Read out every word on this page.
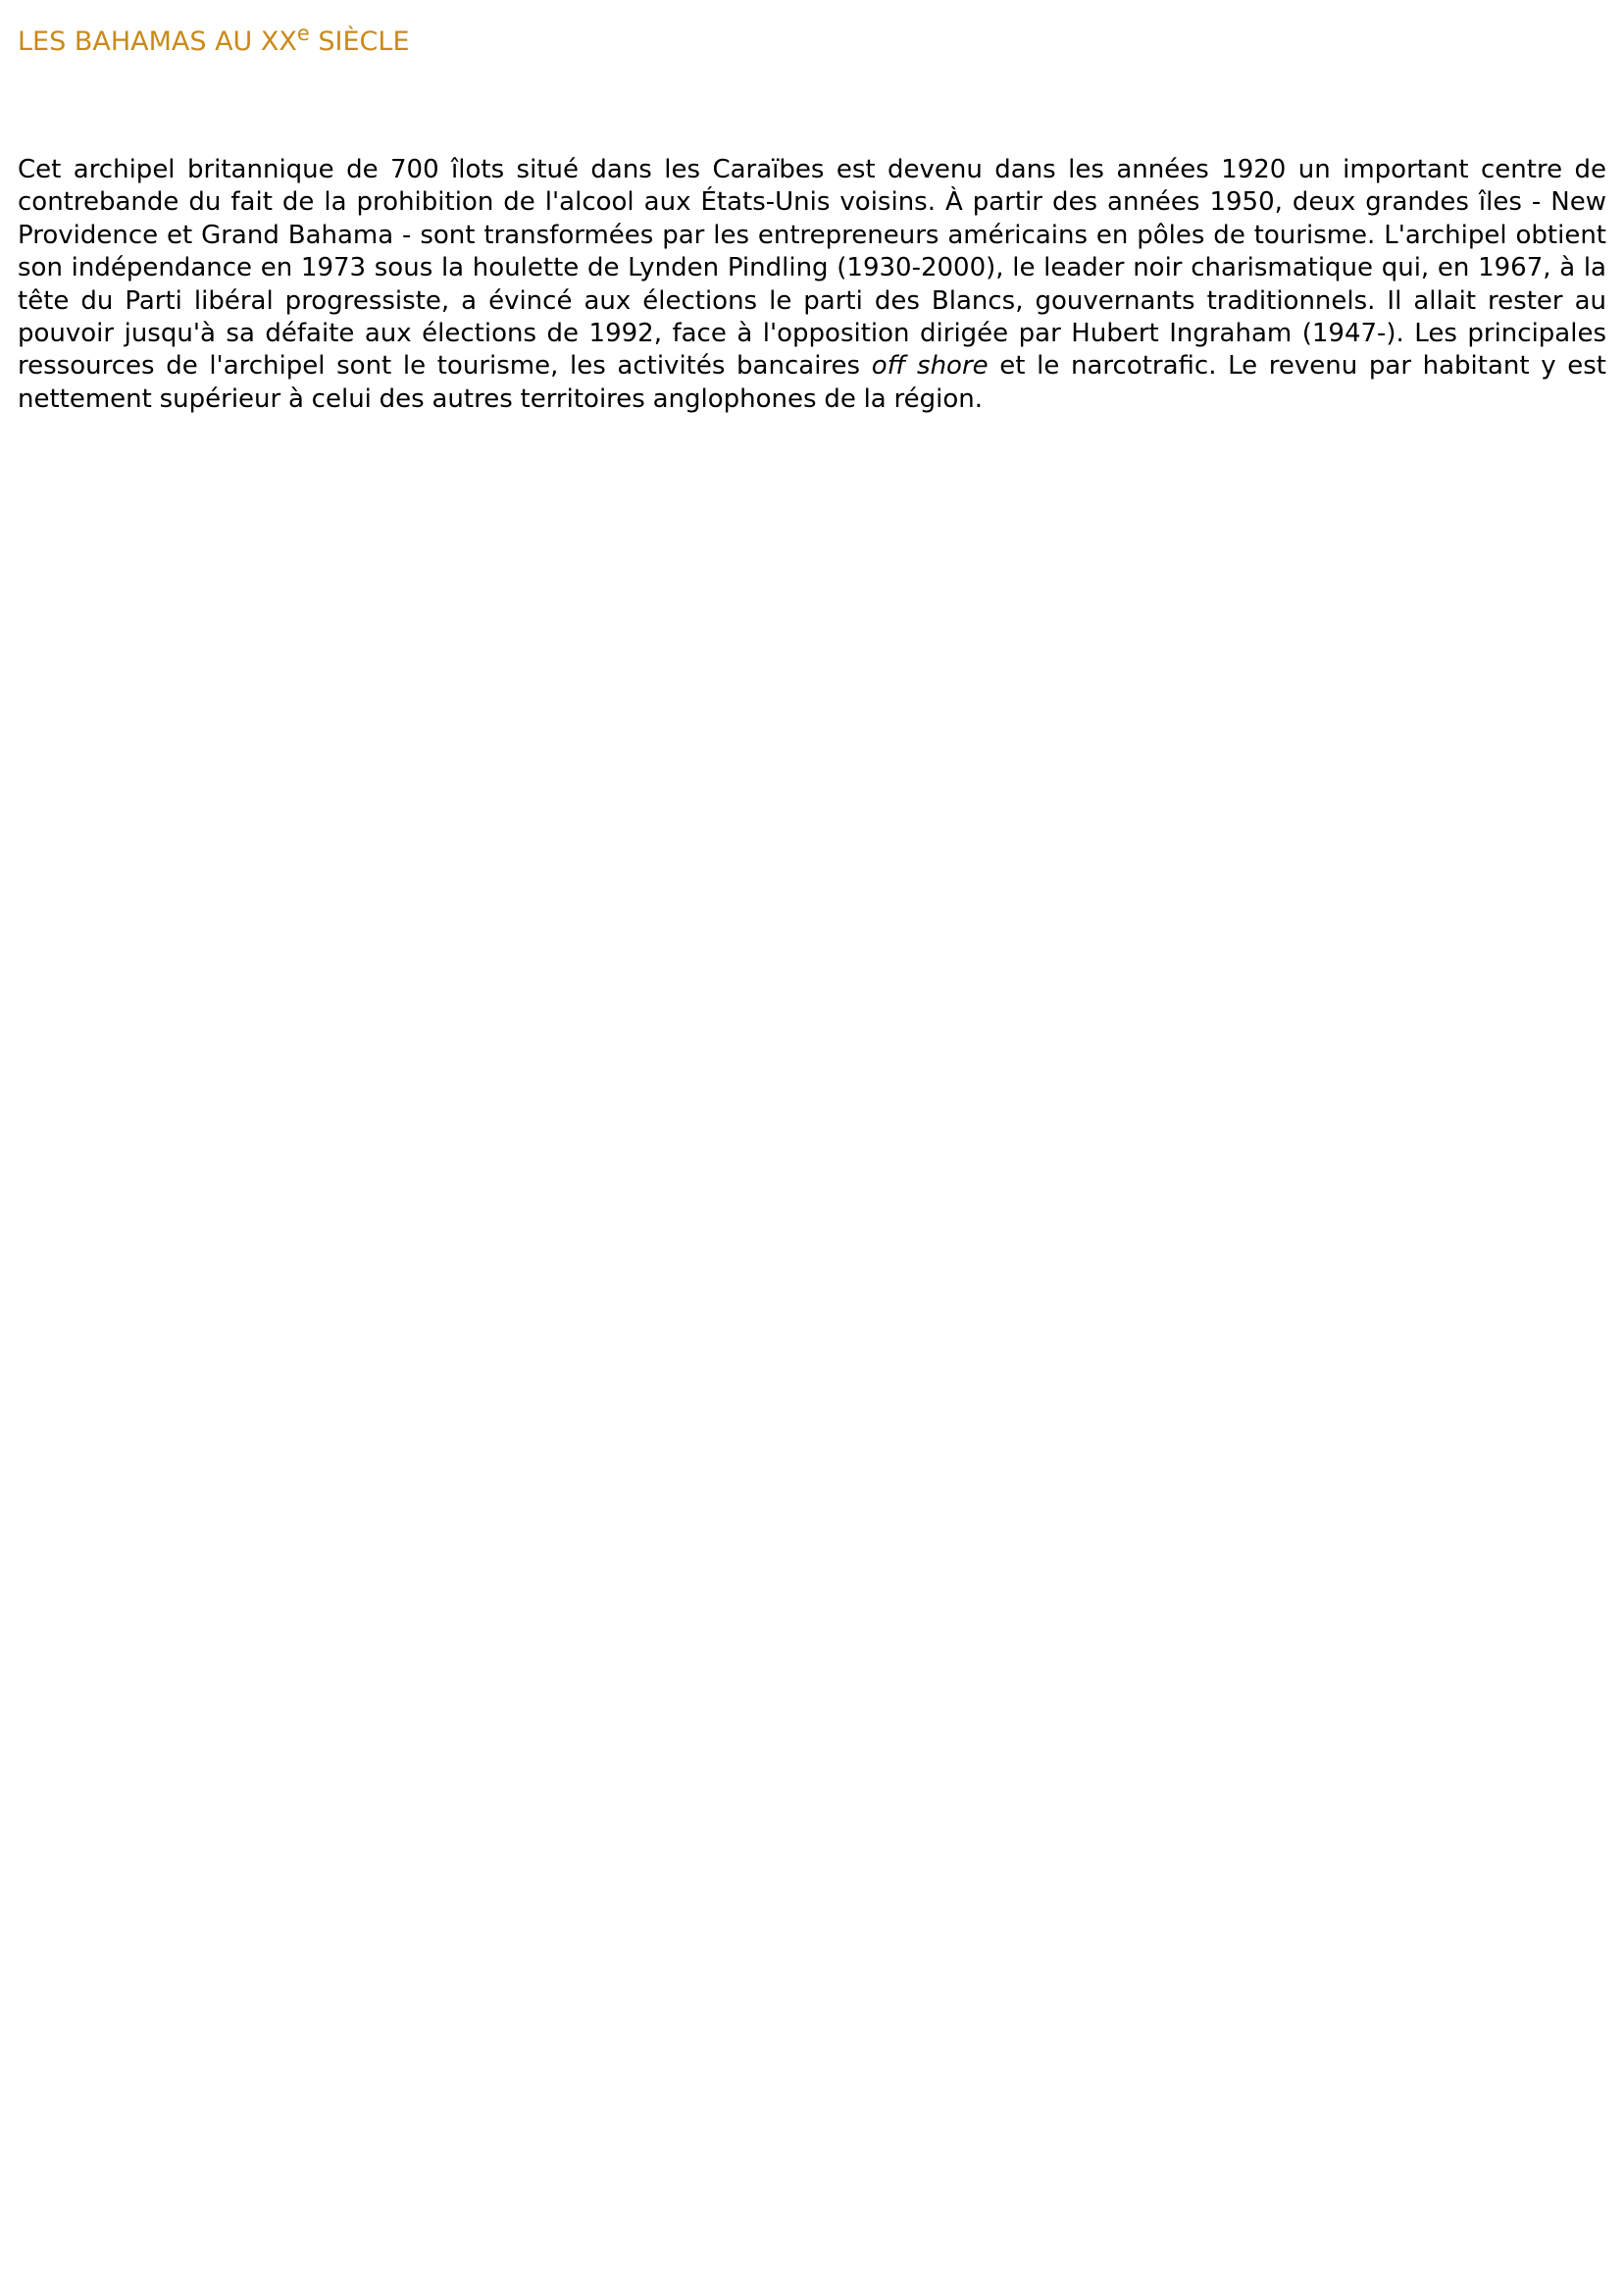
LES BAHAMAS AU XXe SIÈCLE

Cet archipel britannique de 700 îlots situé dans les Caraïbes est devenu dans les années 1920 un important centre de contrebande du fait de la prohibition de l'alcool aux États-Unis voisins. À partir des années 1950, deux grandes îles - New Providence et Grand Bahama - sont transformées par les entrepreneurs américains en pôles de tourisme. L'archipel obtient son indépendance en 1973 sous la houlette de Lynden Pindling (1930-2000), le leader noir charismatique qui, en 1967, à la tête du Parti libéral progressiste, a évincé aux élections le parti des Blancs, gouvernants traditionnels. Il allait rester au pouvoir jusqu'à sa défaite aux élections de 1992, face à l'opposition dirigée par Hubert Ingraham (1947-). Les principales ressources de l'archipel sont le tourisme, les activités bancaires off shore et le narcotrafic. Le revenu par habitant y est nettement supérieur à celui des autres territoires anglophones de la région.
